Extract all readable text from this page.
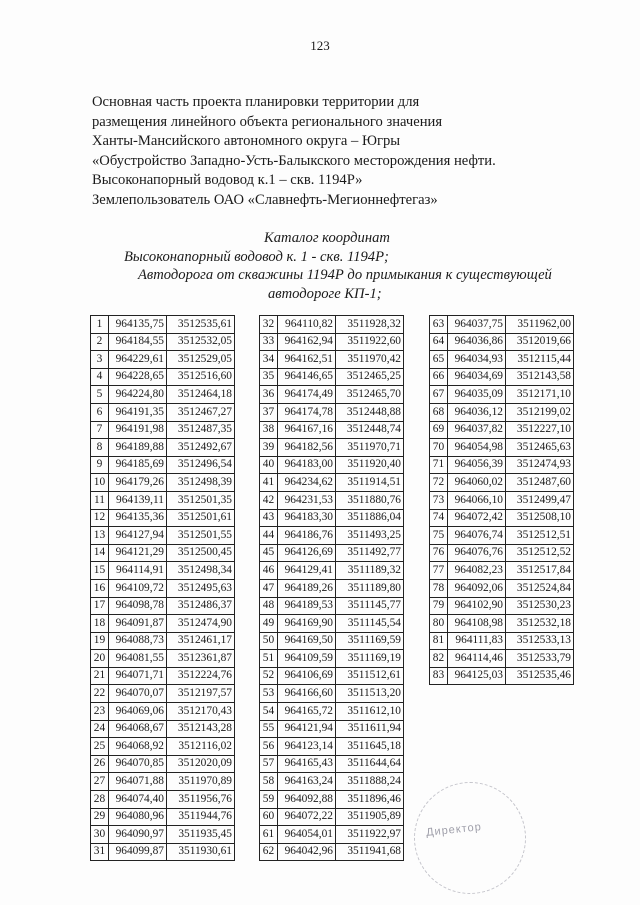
123
Основная часть проекта планировки территории для
размещения линейного объекта регионального значения
Ханты-Мансийского автономного округа – Югры
«Обустройство Западно-Усть-Балыкского месторождения нефти.
Высоконапорный водовод к.1 – скв. 1194Р»
Землепользователь ОАО «Славнефть-Мегионнефтегаз»
Каталог координат
Высоконапорный водовод к. 1 - скв. 1194Р;
Автодорога от скважины 1194Р до примыкания к существующей
автодороге КП-1;
1	964135,75	3512535,61
2	964184,55	3512532,05
3	964229,61	3512529,05
4	964228,65	3512516,60
5	964224,80	3512464,18
6	964191,35	3512467,27
7	964191,98	3512487,35
8	964189,88	3512492,67
9	964185,69	3512496,54
10	964179,26	3512498,39
11	964139,11	3512501,35
12	964135,36	3512501,61
13	964127,94	3512501,55
14	964121,29	3512500,45
15	964114,91	3512498,34
16	964109,72	3512495,63
17	964098,78	3512486,37
18	964091,87	3512474,90
19	964088,73	3512461,17
20	964081,55	3512361,87
21	964071,71	3512224,76
22	964070,07	3512197,57
23	964069,06	3512170,43
24	964068,67	3512143,28
25	964068,92	3512116,02
26	964070,85	3512020,09
27	964071,88	3511970,89
28	964074,40	3511956,76
29	964080,96	3511944,76
30	964090,97	3511935,45
31	964099,87	3511930,61
32	964110,82	3511928,32
33	964162,94	3511922,60
34	964162,51	3511970,42
35	964146,65	3512465,25
36	964174,49	3512465,70
37	964174,78	3512448,88
38	964167,16	3512448,74
39	964182,56	3511970,71
40	964183,00	3511920,40
41	964234,62	3511914,51
42	964231,53	3511880,76
43	964183,30	3511886,04
44	964186,76	3511493,25
45	964126,69	3511492,77
46	964129,41	3511189,32
47	964189,26	3511189,80
48	964189,53	3511145,77
49	964169,90	3511145,54
50	964169,50	3511169,59
51	964109,59	3511169,19
52	964106,69	3511512,61
53	964166,60	3511513,20
54	964165,72	3511612,10
55	964121,94	3511611,94
56	964123,14	3511645,18
57	964165,43	3511644,64
58	964163,24	3511888,24
59	964092,88	3511896,46
60	964072,22	3511905,89
61	964054,01	3511922,97
62	964042,96	3511941,68
63	964037,75	3511962,00
64	964036,86	3512019,66
65	964034,93	3512115,44
66	964034,69	3512143,58
67	964035,09	3512171,10
68	964036,12	3512199,02
69	964037,82	3512227,10
70	964054,98	3512465,63
71	964056,39	3512474,93
72	964060,02	3512487,60
73	964066,10	3512499,47
74	964072,42	3512508,10
75	964076,74	3512512,51
76	964076,76	3512512,52
77	964082,23	3512517,84
78	964092,06	3512524,84
79	964102,90	3512530,23
80	964108,98	3512532,18
81	964111,83	3512533,13
82	964114,46	3512533,79
83	964125,03	3512535,46
Директор
